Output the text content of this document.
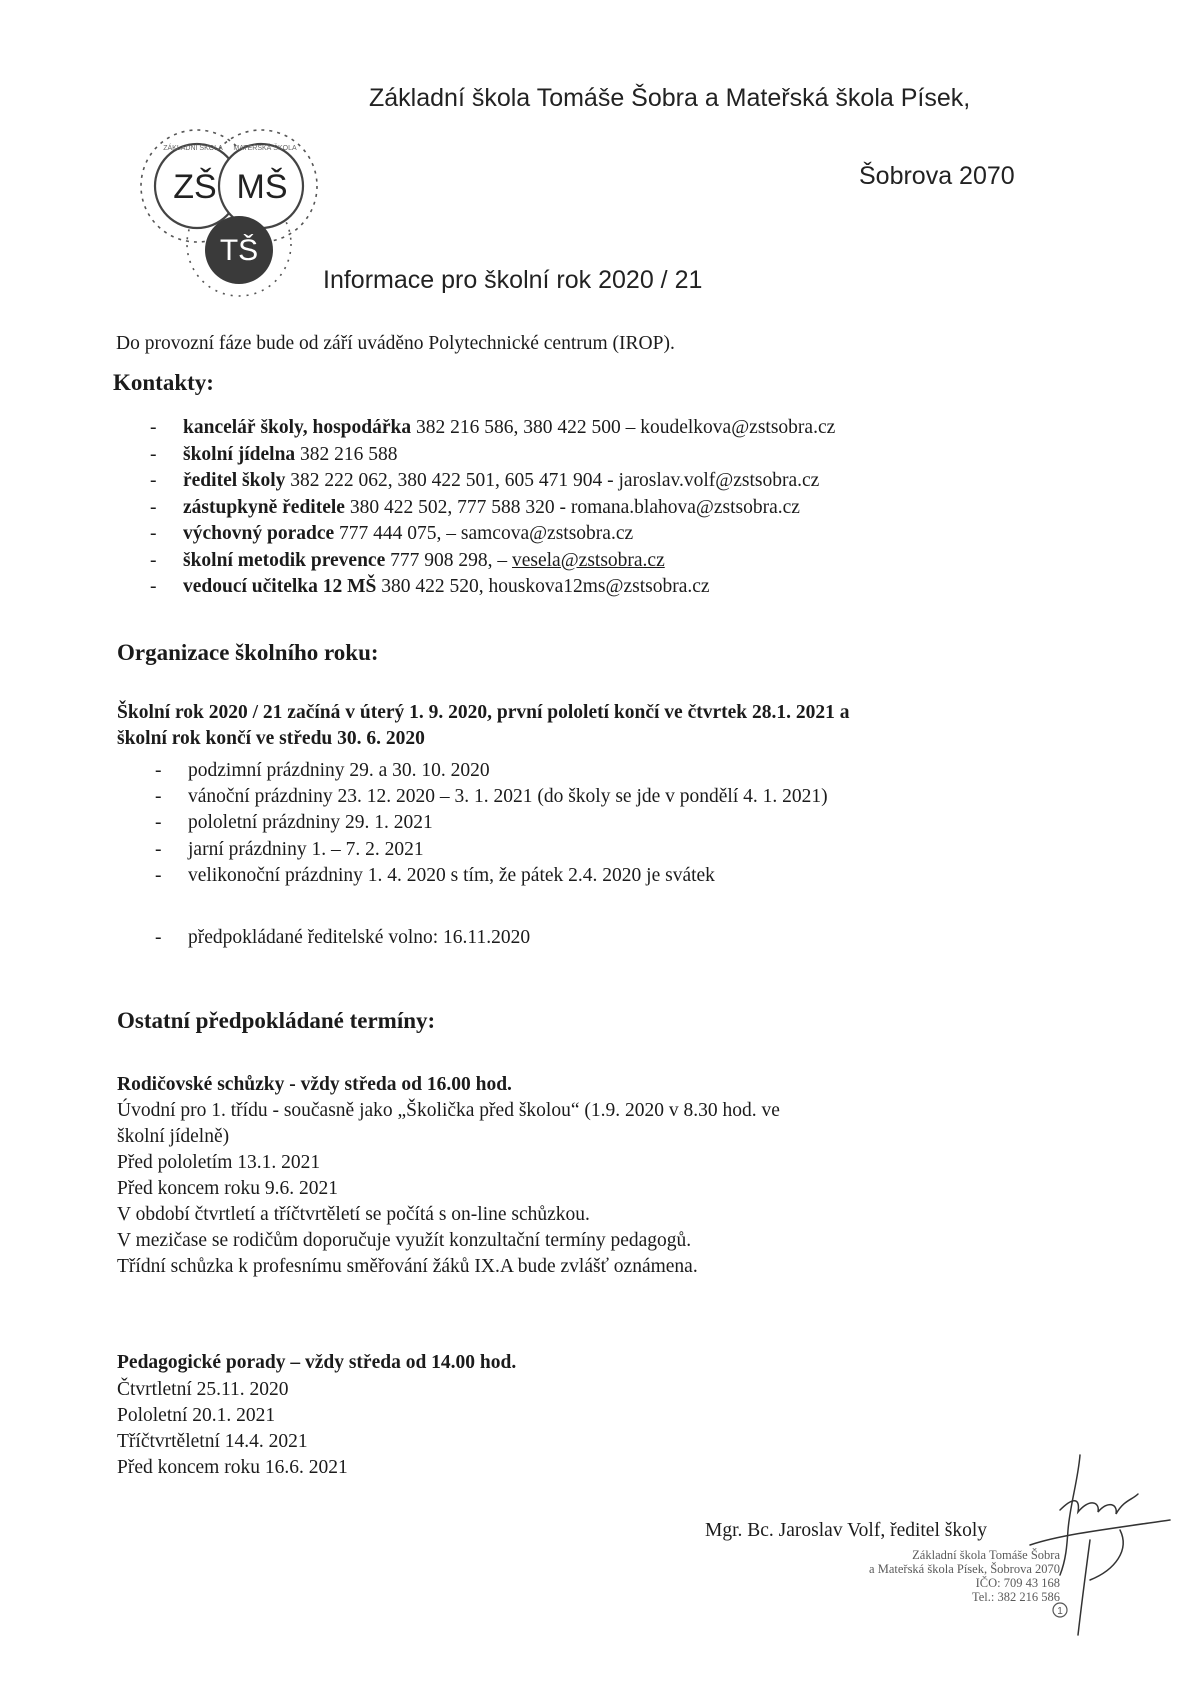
Základní škola Tomáše Šobra a Mateřská škola Písek,
Šobrova 2070
Informace pro školní rok 2020 / 21
ZŠ MŠ
TŠ
ZÁKLADNÍ ŠKOLA MATEŘSKÁ ŠKOLA
Do provozní fáze bude od září uváděno Polytechnické centrum (IROP).
Kontakty:
- kancelář školy, hospodářka 382 216 586, 380 422 500 – koudelkova@zstsobra.cz
- školní jídelna 382 216 588
- ředitel školy 382 222 062, 380 422 501, 605 471 904 - jaroslav.volf@zstsobra.cz
- zástupkyně ředitele 380 422 502, 777 588 320 - romana.blahova@zstsobra.cz
- výchovný poradce 777 444 075, – samcova@zstsobra.cz
- školní metodik prevence 777 908 298, – vesela@zstsobra.cz
- vedoucí učitelka 12 MŠ 380 422 520, houskova12ms@zstsobra.cz
Organizace školního roku:
Školní rok 2020 / 21 začíná v úterý 1. 9. 2020, první pololetí končí ve čtvrtek 28.1. 2021 a
školní rok končí ve středu 30. 6. 2020
- podzimní prázdniny 29. a 30. 10. 2020
- vánoční prázdniny 23. 12. 2020 – 3. 1. 2021 (do školy se jde v pondělí 4. 1. 2021)
- pololetní prázdniny 29. 1. 2021
- jarní prázdniny 1. – 7. 2. 2021
- velikonoční prázdniny 1. 4. 2020 s tím, že pátek 2.4. 2020 je svátek
- předpokládané ředitelské volno: 16.11.2020
Ostatní předpokládané termíny:
Rodičovské schůzky - vždy středa od 16.00 hod.
Úvodní pro 1. třídu - současně jako „Školička před školou“ (1.9. 2020 v 8.30 hod. ve
školní jídelně)
Před pololetím 13.1. 2021
Před koncem roku 9.6. 2021
V období čtvrtletí a tříčtvrtěletí se počítá s on-line schůzkou.
V mezičase se rodičům doporučuje využít konzultační termíny pedagogů.
Třídní schůzka k profesnímu směřování žáků IX.A bude zvlášť oznámena.
Pedagogické porady – vždy středa od 14.00 hod.
Čtvrtletní 25.11. 2020
Pololetní 20.1. 2021
Tříčtvrtěletní 14.4. 2021
Před koncem roku 16.6. 2021
Mgr. Bc. Jaroslav Volf, ředitel školy
Základní škola Tomáše Šobra
a Mateřská škola Písek, Šobrova 2070
IČO: 709 43 168
Tel.: 382 216 586
1
